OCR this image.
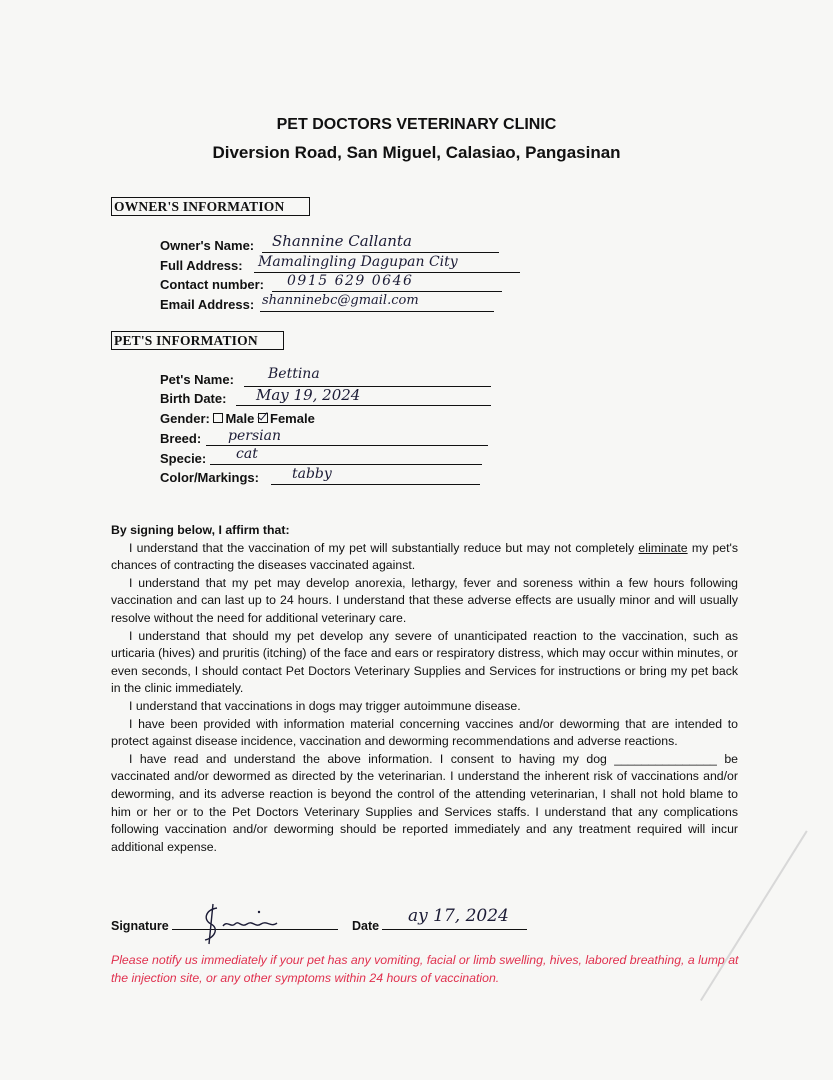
PET DOCTORS VETERINARY CLINIC
Diversion Road, San Miguel, Calasiao, Pangasinan
OWNER'S INFORMATION
Owner's Name: Shannine Callanta
Full Address: Mamalingling Dagupan City
Contact number: 0915 629 0646
Email Address: shanninebc@gmail.com
PET'S INFORMATION
Pet's Name: Bettina
Birth Date: May 19, 2024
Gender: Male Female
Breed: persian
Specie: cat
Color/Markings: tabby
By signing below, I affirm that:

I understand that the vaccination of my pet will substantially reduce but may not completely eliminate my pet's chances of contracting the diseases vaccinated against.

I understand that my pet may develop anorexia, lethargy, fever and soreness within a few hours following vaccination and can last up to 24 hours. I understand that these adverse effects are usually minor and will usually resolve without the need for additional veterinary care.

I understand that should my pet develop any severe of unanticipated reaction to the vaccination, such as urticaria (hives) and pruritis (itching) of the face and ears or respiratory distress, which may occur within minutes, or even seconds, I should contact Pet Doctors Veterinary Supplies and Services for instructions or bring my pet back in the clinic immediately.

I understand that vaccinations in dogs may trigger autoimmune disease.

I have been provided with information material concerning vaccines and/or deworming that are intended to protect against disease incidence, vaccination and deworming recommendations and adverse reactions.

I have read and understand the above information. I consent to having my dog _______________ be vaccinated and/or dewormed as directed by the veterinarian. I understand the inherent risk of vaccinations and/or deworming, and its adverse reaction is beyond the control of the attending veterinarian, I shall not hold blame to him or her or to the Pet Doctors Veterinary Supplies and Services staffs. I understand that any complications following vaccination and/or deworming should be reported immediately and any treatment required will incur additional expense.

Signature	Date ay 17, 2024
Please notify us immediately if your pet has any vomiting, facial or limb swelling, hives, labored breathing, a lump at the injection site, or any other symptoms within 24 hours of vaccination.
